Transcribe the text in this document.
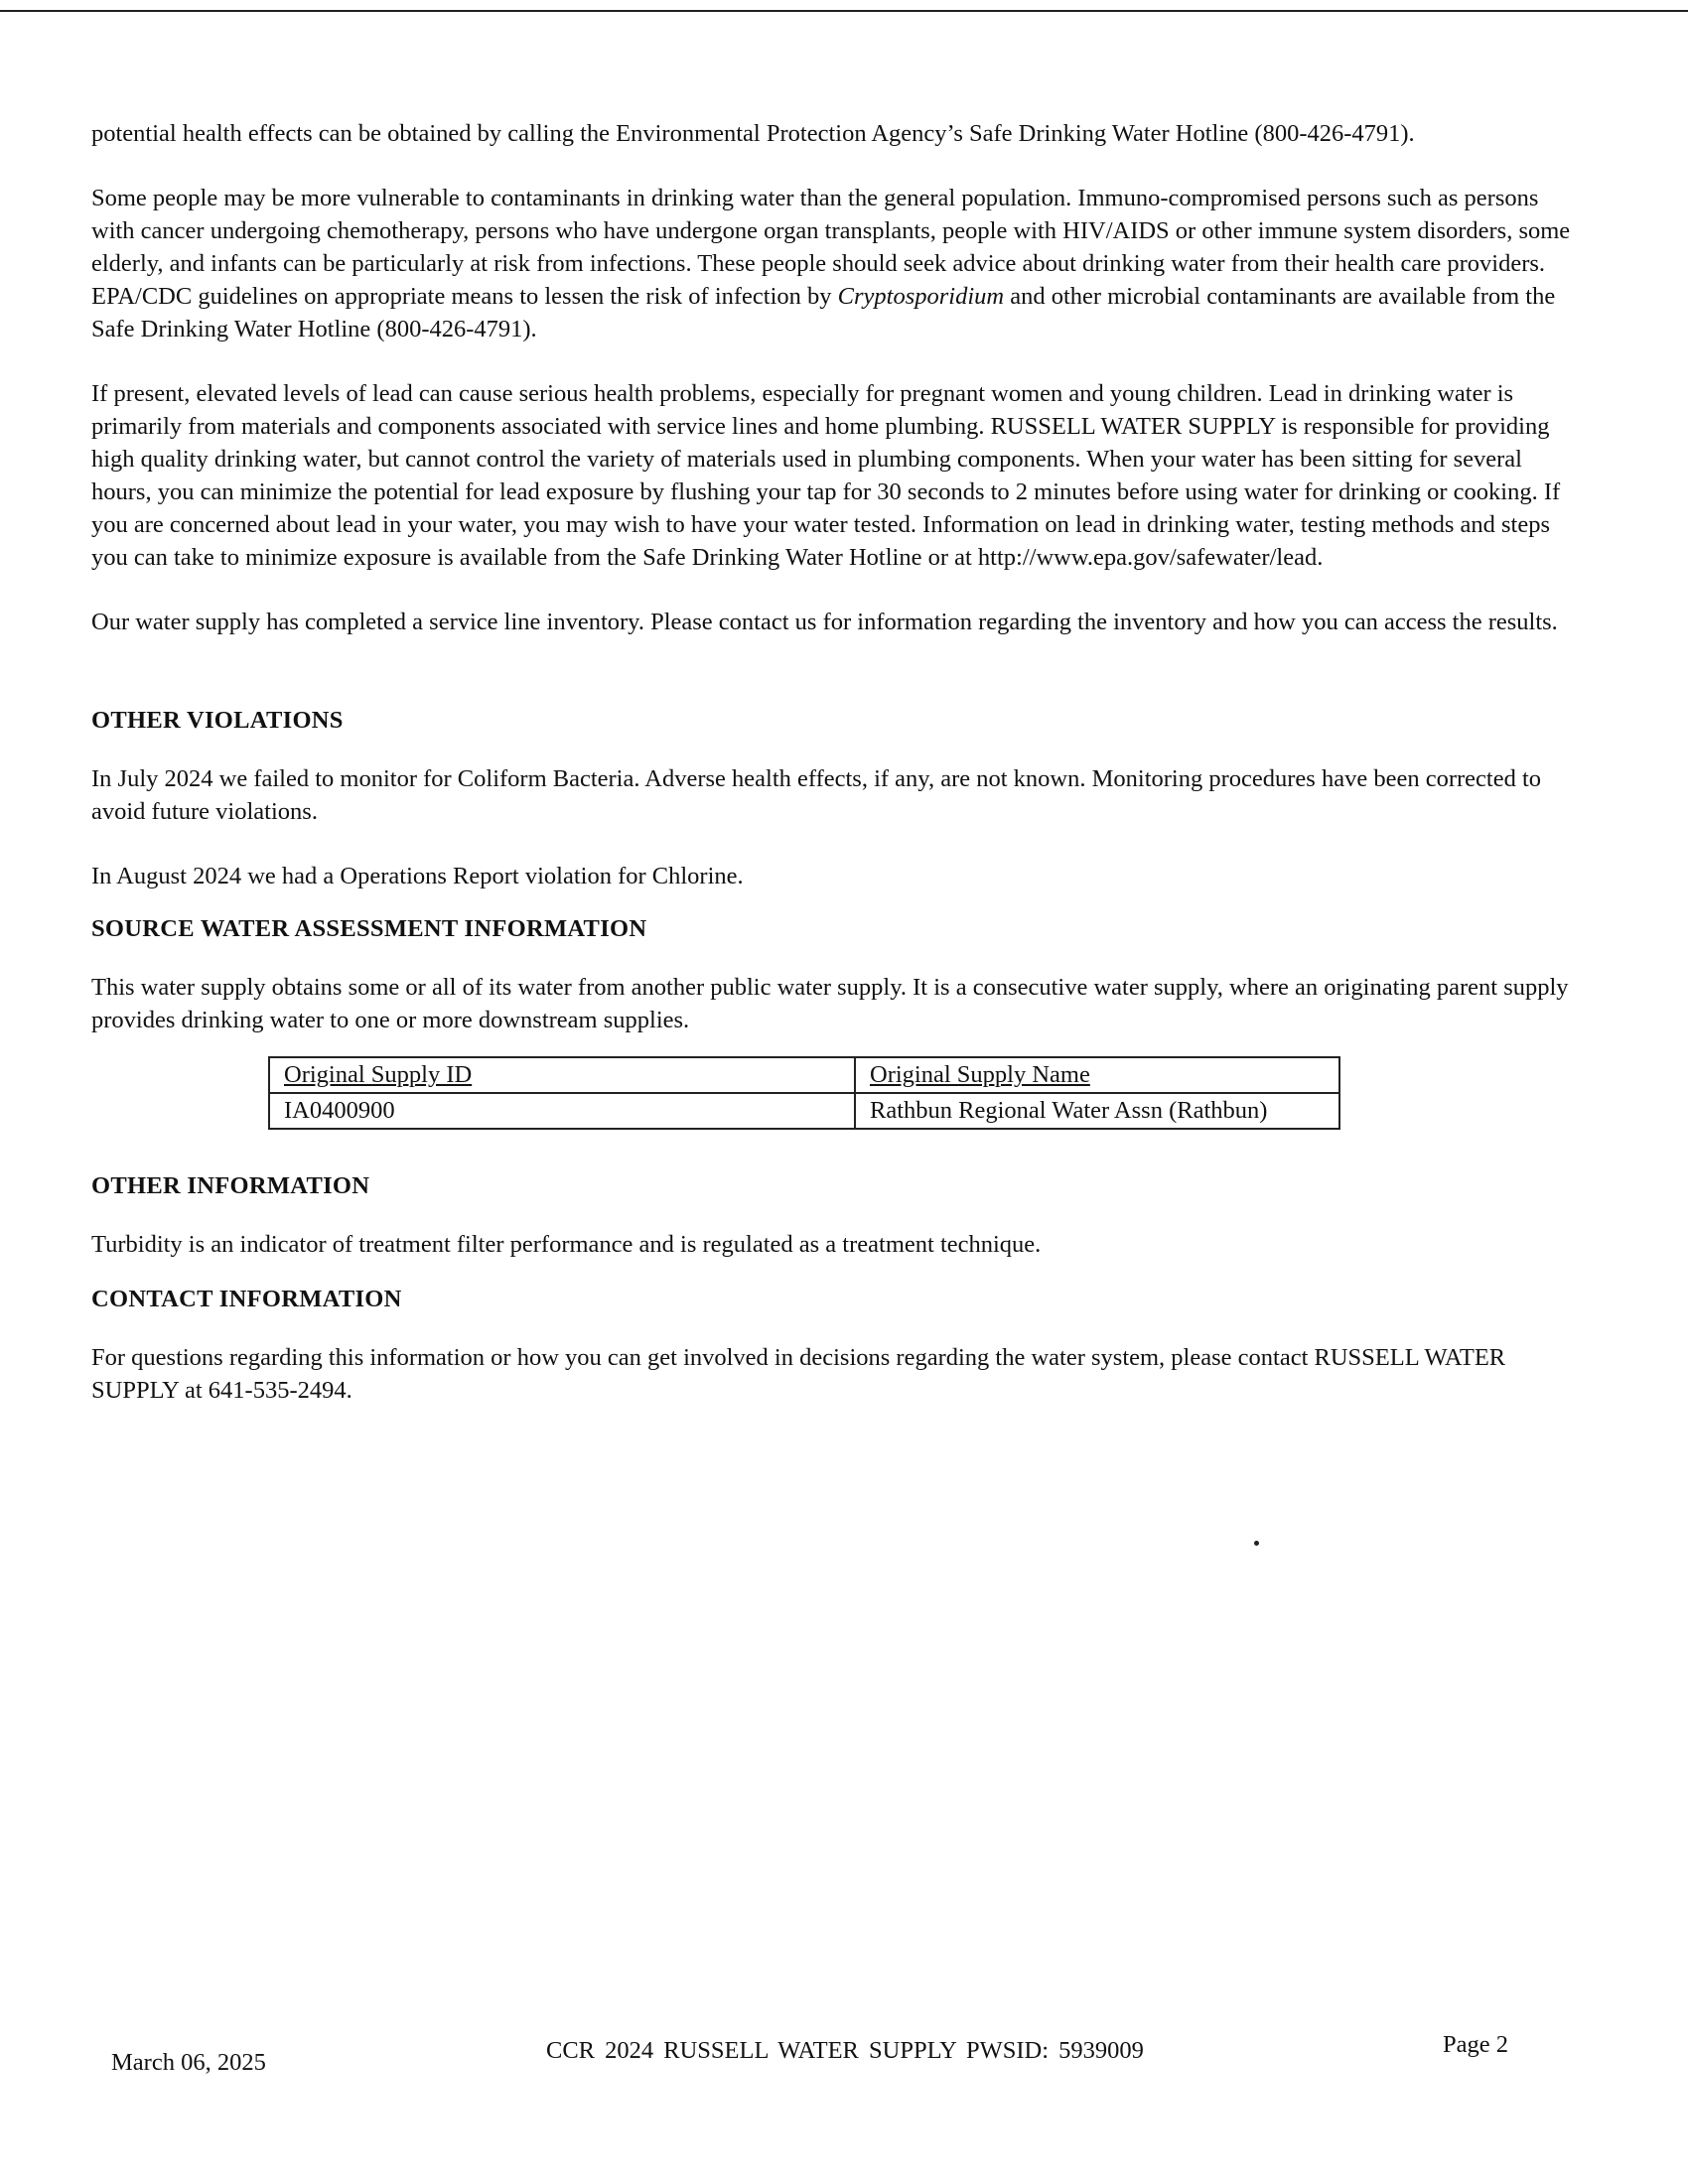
potential health effects can be obtained by calling the Environmental Protection Agency’s Safe Drinking Water Hotline (800-426-4791).

Some people may be more vulnerable to contaminants in drinking water than the general population. Immuno-compromised persons such as persons with cancer undergoing chemotherapy, persons who have undergone organ transplants, people with HIV/AIDS or other immune system disorders, some elderly, and infants can be particularly at risk from infections. These people should seek advice about drinking water from their health care providers. EPA/CDC guidelines on appropriate means to lessen the risk of infection by Cryptosporidium and other microbial contaminants are available from the Safe Drinking Water Hotline (800-426-4791).

If present, elevated levels of lead can cause serious health problems, especially for pregnant women and young children. Lead in drinking water is primarily from materials and components associated with service lines and home plumbing. RUSSELL WATER SUPPLY is responsible for providing high quality drinking water, but cannot control the variety of materials used in plumbing components. When your water has been sitting for several hours, you can minimize the potential for lead exposure by flushing your tap for 30 seconds to 2 minutes before using water for drinking or cooking. If you are concerned about lead in your water, you may wish to have your water tested. Information on lead in drinking water, testing methods and steps you can take to minimize exposure is available from the Safe Drinking Water Hotline or at http://www.epa.gov/safewater/lead.

Our water supply has completed a service line inventory. Please contact us for information regarding the inventory and how you can access the results.

OTHER VIOLATIONS

In July 2024 we failed to monitor for Coliform Bacteria. Adverse health effects, if any, are not known. Monitoring procedures have been corrected to avoid future violations.

In August 2024 we had a Operations Report violation for Chlorine.

SOURCE WATER ASSESSMENT INFORMATION

This water supply obtains some or all of its water from another public water supply. It is a consecutive water supply, where an originating parent supply provides drinking water to one or more downstream supplies.

Original Supply ID	Original Supply Name
IA0400900	Rathbun Regional Water Assn (Rathbun)
OTHER INFORMATION

Turbidity is an indicator of treatment filter performance and is regulated as a treatment technique.

CONTACT INFORMATION

For questions regarding this information or how you can get involved in decisions regarding the water system, please contact RUSSELL WATER SUPPLY at 641-535-2494.

March 06, 2025	CCR 2024 RUSSELL WATER SUPPLY PWSID: 5939009	Page 2
